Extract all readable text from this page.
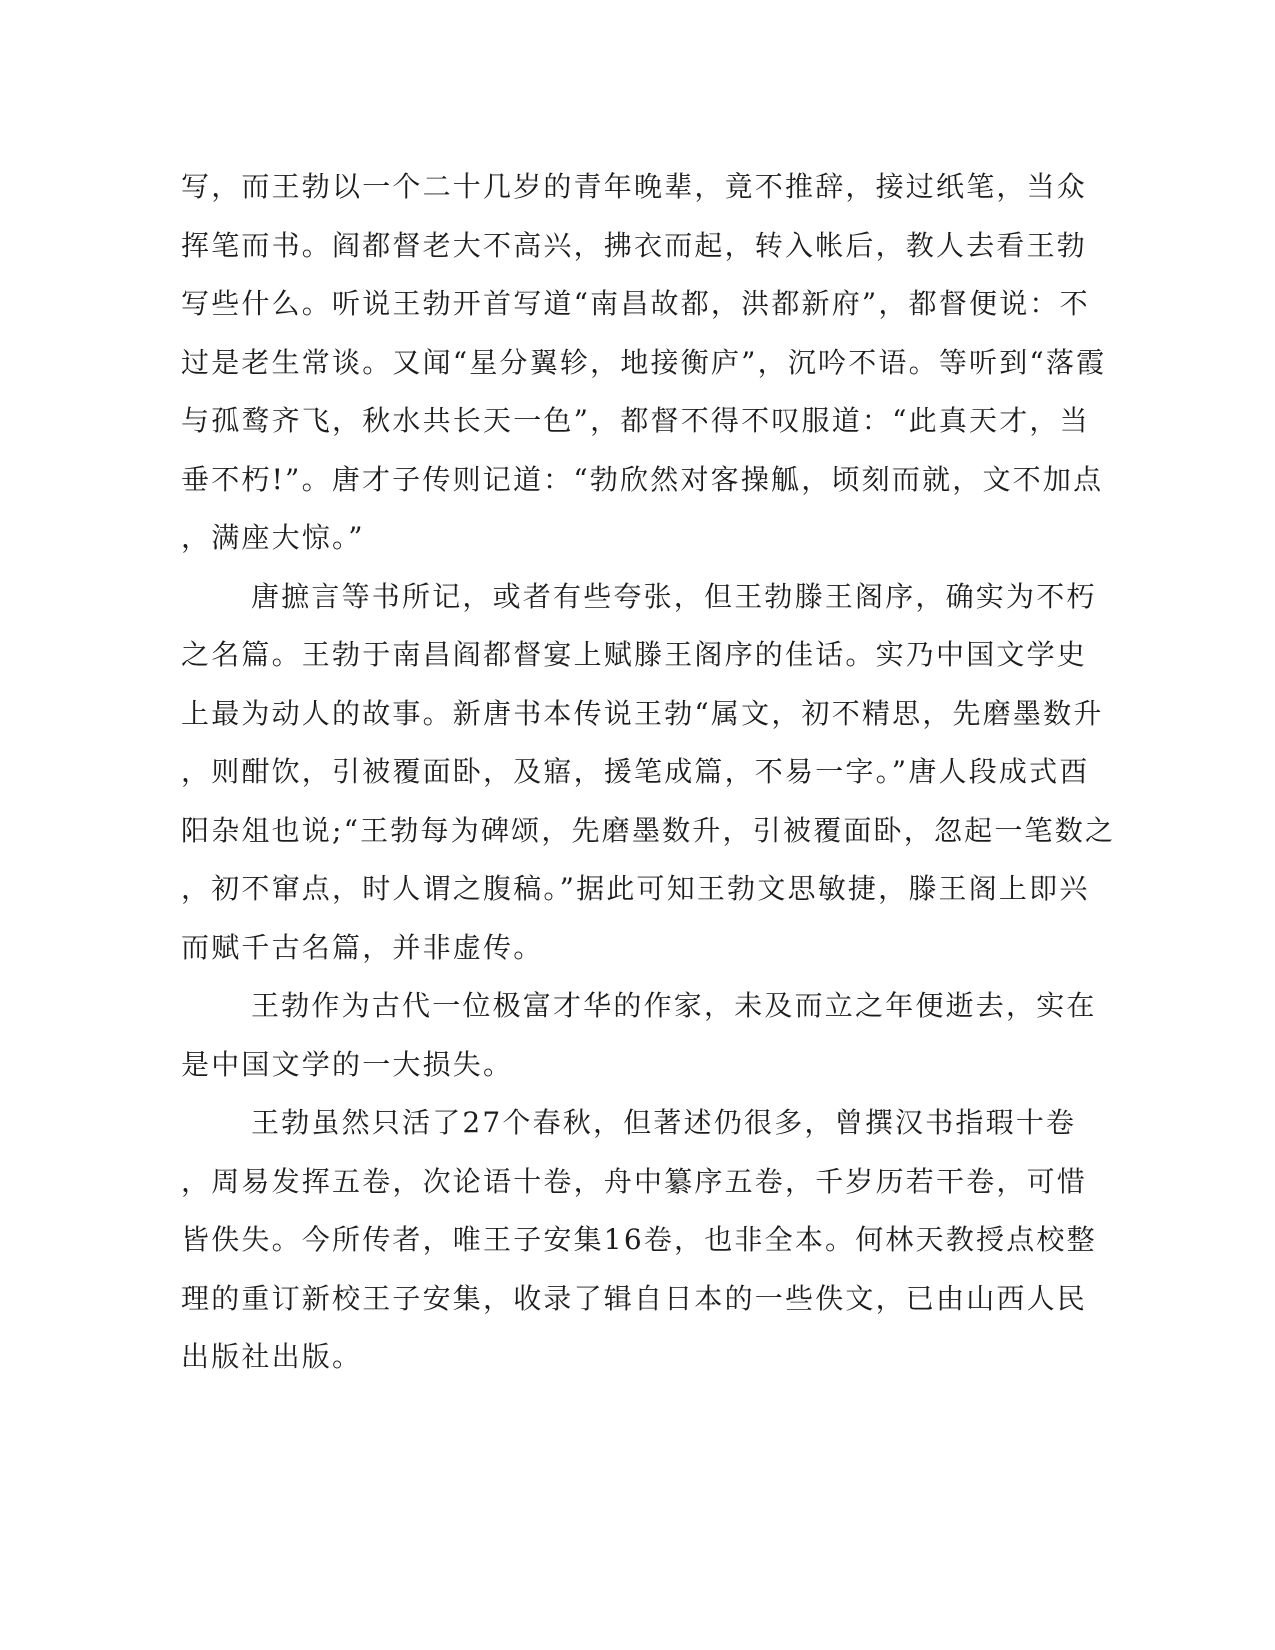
写，而王勃以一个二十几岁的青年晚辈，竟不推辞，接过纸笔，当众
挥笔而书。阎都督老大不高兴，拂衣而起，转入帐后，教人去看王勃
写些什么。听说王勃开首写道“南昌故都，洪都新府”，都督便说：不
过是老生常谈。又闻“星分翼轸，地接衡庐”，沉吟不语。等听到“落霞
与孤鹜齐飞，秋水共长天一色”，都督不得不叹服道：“此真天才，当
垂不朽!”。唐才子传则记道：“勃欣然对客操觚，顷刻而就，文不加点
，满座大惊。”
唐摭言等书所记，或者有些夸张，但王勃滕王阁序，确实为不朽
之名篇。王勃于南昌阎都督宴上赋滕王阁序的佳话。实乃中国文学史
上最为动人的故事。新唐书本传说王勃“属文，初不精思，先磨墨数升
，则酣饮，引被覆面卧，及寤，援笔成篇，不易一字。”唐人段成式酉
阳杂俎也说;“王勃每为碑颂，先磨墨数升，引被覆面卧，忽起一笔数之
，初不窜点，时人谓之腹稿。”据此可知王勃文思敏捷，滕王阁上即兴
而赋千古名篇，并非虚传。
王勃作为古代一位极富才华的作家，未及而立之年便逝去，实在
是中国文学的一大损失。
王勃虽然只活了27个春秋，但著述仍很多，曾撰汉书指瑕十卷
，周易发挥五卷，次论语十卷，舟中纂序五卷，千岁历若干卷，可惜
皆佚失。今所传者，唯王子安集16卷，也非全本。何林天教授点校整
理的重订新校王子安集，收录了辑自日本的一些佚文，已由山西人民
出版社出版。
